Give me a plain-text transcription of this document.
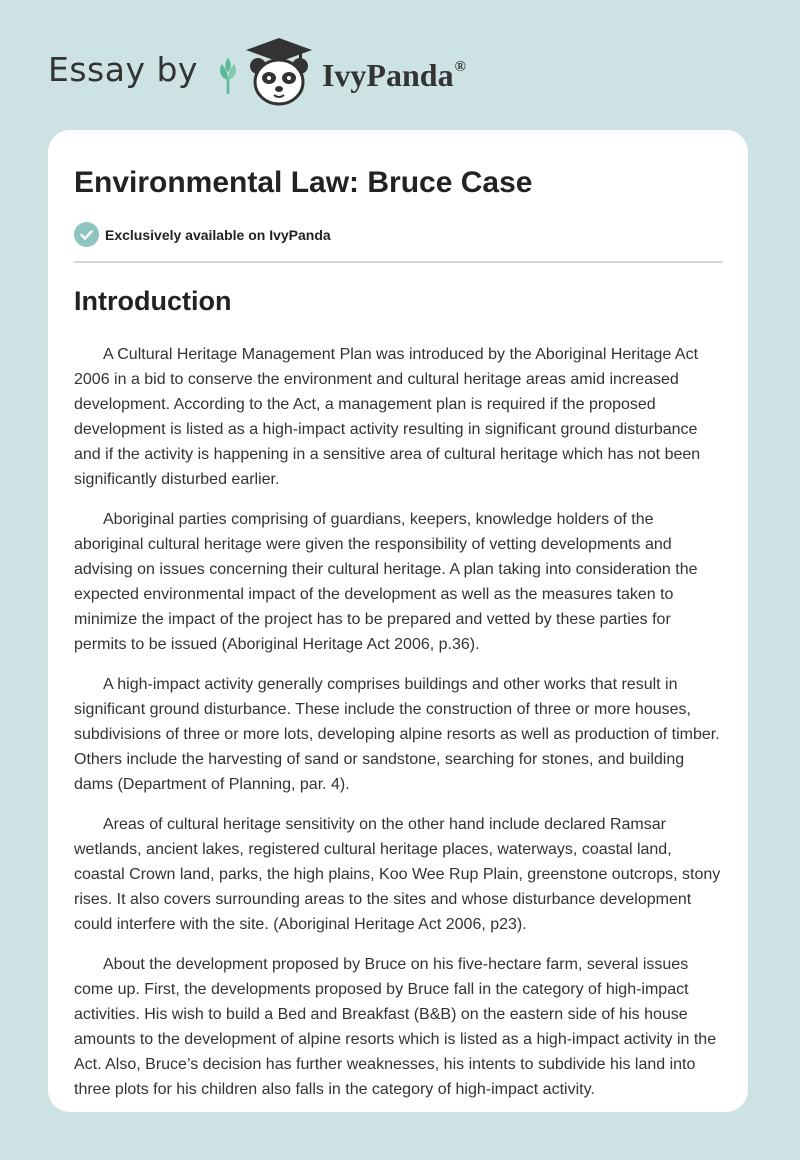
Essay by	IvyPanda®
Environmental Law: Bruce Case
Exclusively available on IvyPanda
Introduction

A Cultural Heritage Management Plan was introduced by the Aboriginal Heritage Act 2006 in a bid to conserve the environment and cultural heritage areas amid increased development. According to the Act, a management plan is required if the proposed development is listed as a high-impact activity resulting in significant ground disturbance and if the activity is happening in a sensitive area of cultural heritage which has not been significantly disturbed earlier.

Aboriginal parties comprising of guardians, keepers, knowledge holders of the aboriginal cultural heritage were given the responsibility of vetting developments and advising on issues concerning their cultural heritage. A plan taking into consideration the expected environmental impact of the development as well as the measures taken to minimize the impact of the project has to be prepared and vetted by these parties for permits to be issued (Aboriginal Heritage Act 2006, p.36).

A high-impact activity generally comprises buildings and other works that result in significant ground disturbance. These include the construction of three or more houses, subdivisions of three or more lots, developing alpine resorts as well as production of timber. Others include the harvesting of sand or sandstone, searching for stones, and building dams (Department of Planning, par. 4).

Areas of cultural heritage sensitivity on the other hand include declared Ramsar wetlands, ancient lakes, registered cultural heritage places, waterways, coastal land, coastal Crown land, parks, the high plains, Koo Wee Rup Plain, greenstone outcrops, stony rises. It also covers surrounding areas to the sites and whose disturbance development could interfere with the site. (Aboriginal Heritage Act 2006, p23).

About the development proposed by Bruce on his five-hectare farm, several issues come up. First, the developments proposed by Bruce fall in the category of high-impact activities. His wish to build a Bed and Breakfast (B&B) on the eastern side of his house amounts to the development of alpine resorts which is listed as a high-impact activity in the Act. Also, Bruce’s decision has further weaknesses, his intents to subdivide his land into three plots for his children also falls in the category of high-impact activity.
